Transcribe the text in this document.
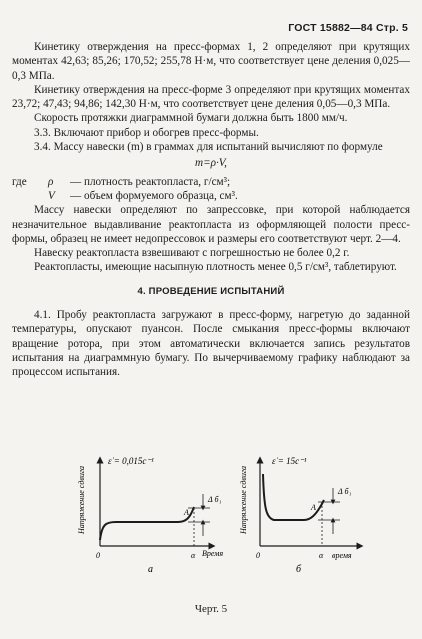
ГОСТ 15882—84 Стр. 5

Кинетику отверждения на пресс-формах 1, 2 определяют при крутящих моментах 42,63; 85,26; 170,52; 255,78 Н·м, что соответствует цене деления 0,025—0,3 МПа.

Кинетику отверждения на пресс-форме 3 определяют при крутящих моментах 23,72; 47,43; 94,86; 142,30 Н·м, что соответствует цене деления 0,05—0,3 МПа.

Скорость протяжки диаграммной бумаги должна быть 1800 мм/ч.

3.3. Включают прибор и обогрев пресс-формы.

3.4. Массу навески (m) в граммах для испытаний вычисляют по формуле

m=ρ·V,
где	ρ	— плотность реактопласта, г/см³;
V	— объем формуемого образца, см³.

Массу навески определяют по запрессовке, при которой наблюдается незначительное выдавливание реактопласта из оформляющей полости пресс-формы, образец не имеет недопрессовок и размеры его соответствуют черт. 2—4.

Навеску реактопласта взвешивают с погрешностью не более 0,2 г.

Реактопласты, имеющие насыпную плотность менее 0,5 г/см³, таблетируют.

4. ПРОВЕДЕНИЕ ИСПЫТАНИЙ

4.1. Пробу реактопласта загружают в пресс-форму, нагретую до заданной температуры, опускают пуансон. После смыкания пресс-формы включают вращение ротора, при этом автоматически включается запись результатов испытания на диаграммную бумагу. По вычерчиваемому графику наблюдают за процессом испытания.

ε̇ = 0,015с⁻¹
Напряжение сдвига	A
Δ б₁
0	α Время
а
ε̇ = 15с⁻¹
Напряжение сдвига	A
Δ б₁
0	α время
б
Черт. 5
